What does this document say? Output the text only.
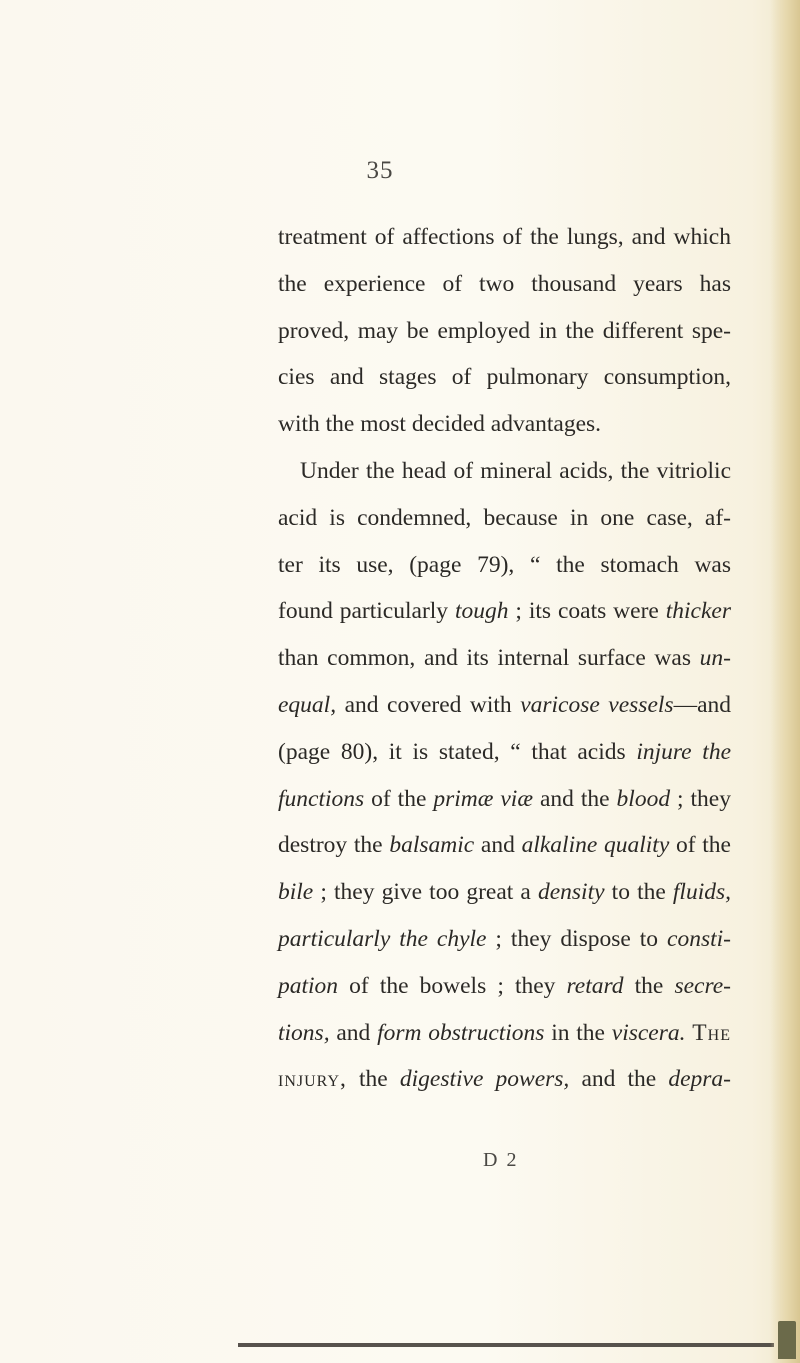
35
treatment of affections of the lungs, and which
the experience of two thousand years has
proved, may be employed in the different spe-
cies and stages of pulmonary consumption,
with the most decided advantages.
Under the head of mineral acids, the vitriolic
acid is condemned, because in one case, af-
ter its use, (page 79), “ the stomach was
found particularly tough ; its coats were thicker
than common, and its internal surface was un-
equal, and covered with varicose vessels —and
(page 80), it is stated, “ that acids injure the
functions of the primæ viæ and the blood ; they
destroy the balsamic and alkaline quality of the
bile ; they give too great a density to the fluids,
particularly the chyle ; they dispose to consti-
pation of the bowels ; they retard the secre-
tions, and form obstructions in the viscera.
The
injury, the digestive powers, and the depra-
D 2
